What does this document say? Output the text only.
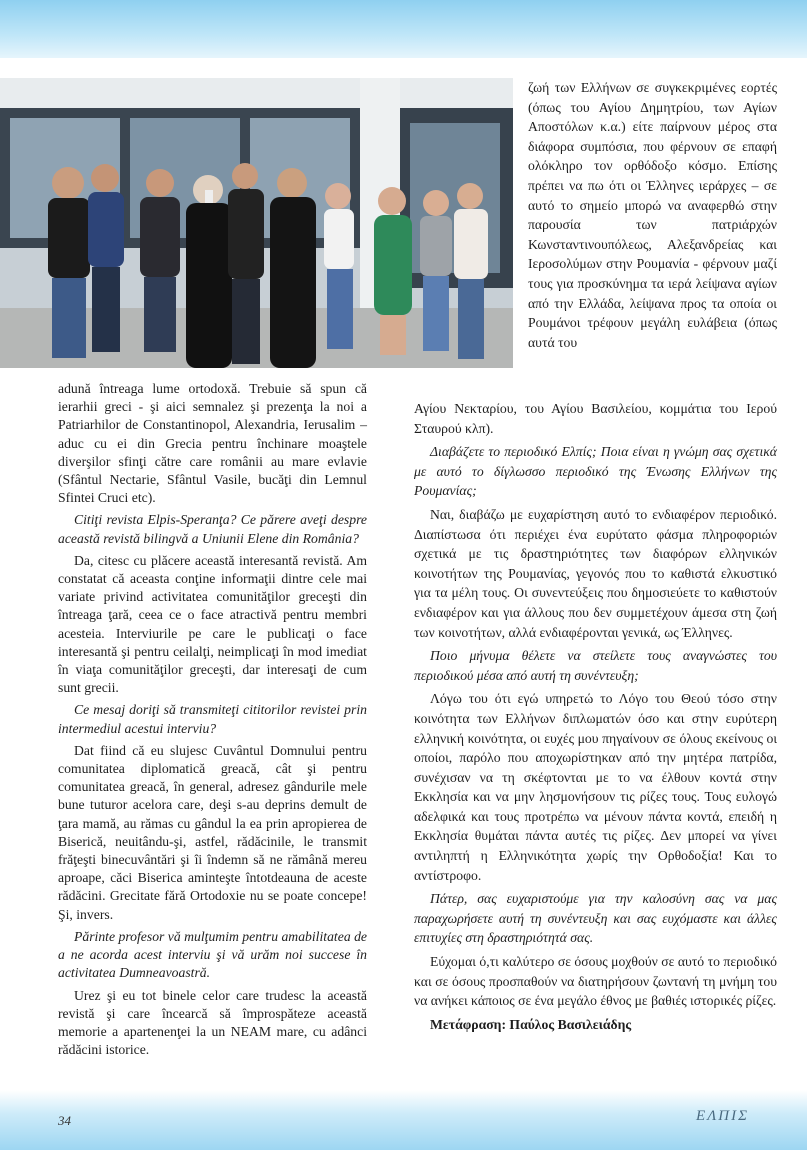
adună întreaga lume ortodoxă. Trebuie să spun că ierarhii greci - şi aici semnalez şi prezenţa la noi a Patriarhilor de Constantinopol, Alexandria, Ierusalim – aduc cu ei din Grecia pentru închinare moaştele diverşilor sfinţi către care românii au mare evlavie (Sfântul Nectarie, Sfântul Vasile, bucăţi din Lemnul Sfintei Cruci etc).

Citiţi revista Elpis-Speranţa? Ce părere aveţi despre această revistă bilingvă a Uniunii Elene din România?

Da, citesc cu plăcere această interesantă revistă. Am constatat că aceasta conţine informaţii dintre cele mai variate privind activitatea comunităţilor greceşti din întreaga ţară, ceea ce o face atractivă pentru membri acesteia. Interviurile pe care le publicaţi o face interesantă şi pentru ceilalţi, neimplicaţi în mod imediat în viaţa comunităţilor greceşti, dar interesaţi de cum sunt grecii.

Ce mesaj doriţi să transmiteţi cititorilor revistei prin intermediul acestui interviu?

Dat fiind că eu slujesc Cuvântul Domnului pentru comunitatea diplomatică greacă, cât şi pentru comunitatea greacă, în general, adresez gândurile mele bune tuturor acelora care, deşi s-au deprins demult de ţara mamă, au rămas cu gândul la ea prin apropierea de Biserică, neuitându-şi, astfel, rădăcinile, le transmit frăţeşti binecuvântări şi îi îndemn să ne rămână mereu aproape, căci Biserica aminteşte întotdeauna de aceste rădăcini. Grecitate fără Ortodoxie nu se poate concepe! Şi, invers.

Părinte profesor vă mulţumim pentru amabilitatea de a ne acorda acest interviu şi vă urăm noi succese în activitatea Dumneavoastră.

Urez şi eu tot binele celor care trudesc la această revistă şi care încearcă să împrospăteze această memorie a apartenenţei la un NEAM mare, cu adânci rădăcini istorice.

ζωή των Ελλήνων σε συγκεκριμένες εορτές (όπως του Αγίου Δημητρίου, των Αγίων Αποστόλων κ.α.) είτε παίρνουν μέρος στα διάφορα συμπόσια, που φέρνουν σε επαφή ολόκληρο τον ορθόδοξο κόσμο. Επίσης πρέπει να πω ότι οι Έλληνες ιεράρχες – σε αυτό το σημείο μπορώ να αναφερθώ στην παρουσία των πατριάρχών Κωνσταντινουπόλεως, Αλεξανδρείας και Ιεροσολύμων στην Ρουμανία - φέρνουν μαζί τους για προσκύνημα τα ιερά λείψανα αγίων από την Ελλάδα, λείψανα προς τα οποία οι Ρουμάνοι τρέφουν μεγάλη ευλάβεια (όπως αυτά του

Αγίου Νεκταρίου, του Αγίου Βασιλείου, κομμάτια του Ιερού Σταυρού κλπ).

Διαβάζετε το περιοδικό Ελπίς; Ποια είναι η γνώμη σας σχετικά με αυτό το δίγλωσσο περιοδικό της Ένωσης Ελλήνων της Ρουμανίας;

Ναι, διαβάζω με ευχαρίστηση αυτό το ενδιαφέρον περιοδικό. Διαπίστωσα ότι περιέχει ένα ευρύτατο φάσμα πληροφοριών σχετικά με τις δραστηριότητες των διαφόρων ελληνικών κοινοτήτων της Ρουμανίας, γεγονός που το καθιστά ελκυστικό για τα μέλη τους. Οι συνεντεύξεις που δημοσιεύετε το καθιστούν ενδιαφέρον και για άλλους που δεν συμμετέχουν άμεσα στη ζωή των κοινοτήτων, αλλά ενδιαφέρονται γενικά, ως Έλληνες.

Ποιο μήνυμα θέλετε να στείλετε τους αναγνώστες του περιοδικού μέσα από αυτή τη συνέντευξη;

Λόγω του ότι εγώ υπηρετώ το Λόγο του Θεού τόσο στην κοινότητα των Ελλήνων διπλωματών όσο και στην ευρύτερη ελληνική κοινότητα, οι ευχές μου πηγαίνουν σε όλους εκείνους οι οποίοι, παρόλο που αποχωρίστηκαν από την μητέρα πατρίδα, συνέχισαν να τη σκέφτονται με το να έλθουν κοντά στην Εκκλησία και να μην λησμονήσουν τις ρίζες τους. Τους ευλογώ αδελφικά και τους προτρέπω να μένουν πάντα κοντά, επειδή η Εκκλησία θυμάται πάντα αυτές τις ρίζες. Δεν μπορεί να γίνει αντιληπτή η Ελληνικότητα χωρίς την Ορθοδοξία! Και το αντίστροφο.

Πάτερ, σας ευχαριστούμε για την καλοσύνη σας να μας παραχωρήσετε αυτή τη συνέντευξη και σας ευχόμαστε και άλλες επιτυχίες στη δραστηριότητά σας.

Εύχομαι ό,τι καλύτερο σε όσους μοχθούν σε αυτό το περιοδικό και σε όσους προσπαθούν να διατηρήσουν ζωντανή τη μνήμη του να ανήκει κάποιος σε ένα μεγάλο έθνος με βαθιές ιστορικές ρίζες.

Μετάφραση: Παύλος Βασιλειάδης

34	ΕΛΠΙΣ
